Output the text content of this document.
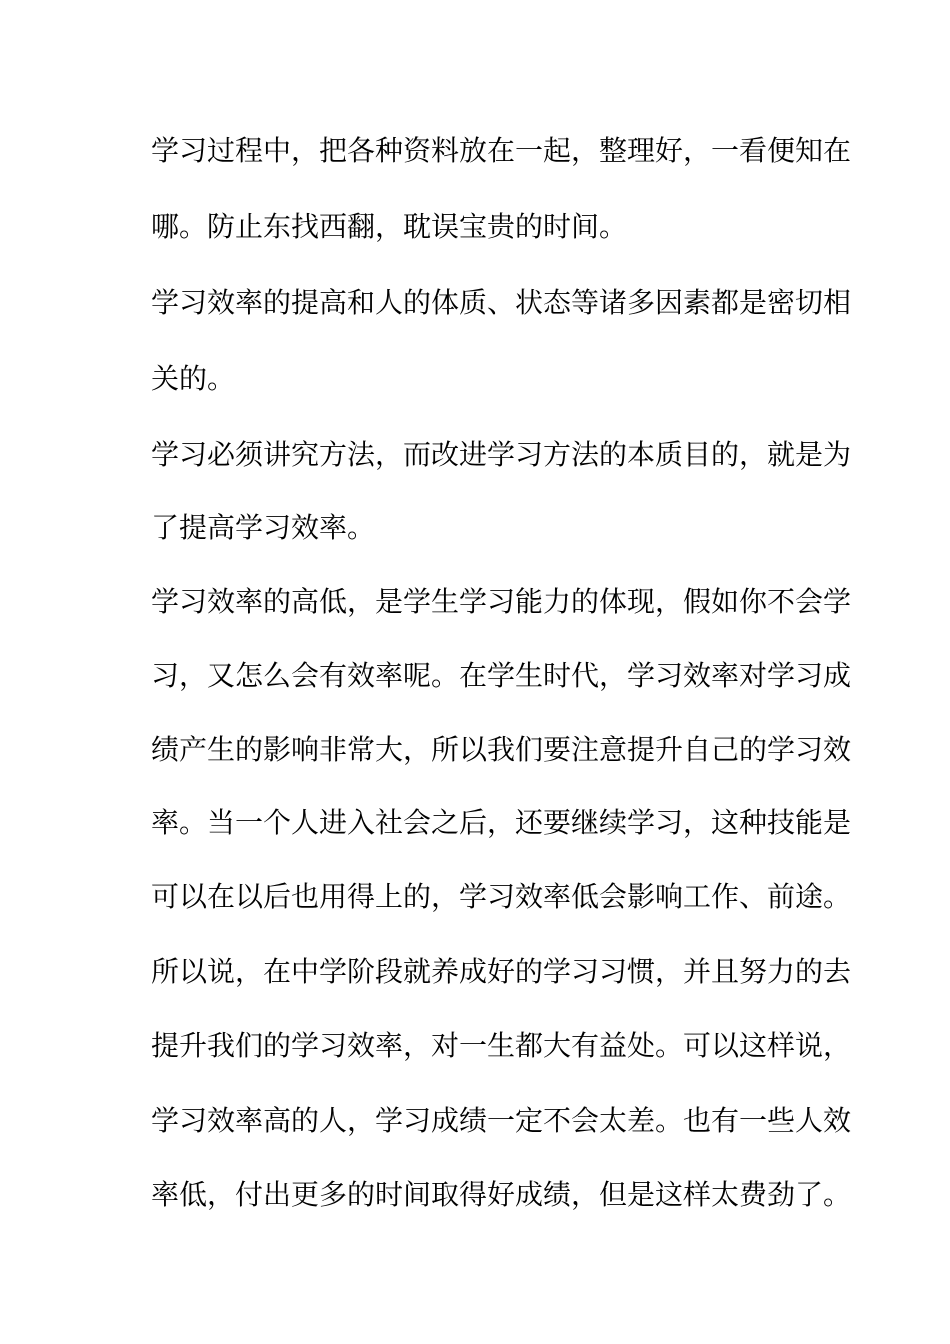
学习过程中，把各种资料放在一起，整理好，一看便知在
哪。防止东找西翻，耽误宝贵的时间。
学习效率的提高和人的体质、状态等诸多因素都是密切相
关的。
学习必须讲究方法，而改进学习方法的本质目的，就是为
了提高学习效率。
学习效率的高低，是学生学习能力的体现，假如你不会学
习，又怎么会有效率呢。在学生时代，学习效率对学习成
绩产生的影响非常大，所以我们要注意提升自己的学习效
率。当一个人进入社会之后，还要继续学习，这种技能是
可以在以后也用得上的，学习效率低会影响工作、前途。
所以说，在中学阶段就养成好的学习习惯，并且努力的去
提升我们的学习效率，对一生都大有益处。可以这样说，
学习效率高的人，学习成绩一定不会太差。也有一些人效
率低，付出更多的时间取得好成绩，但是这样太费劲了。
